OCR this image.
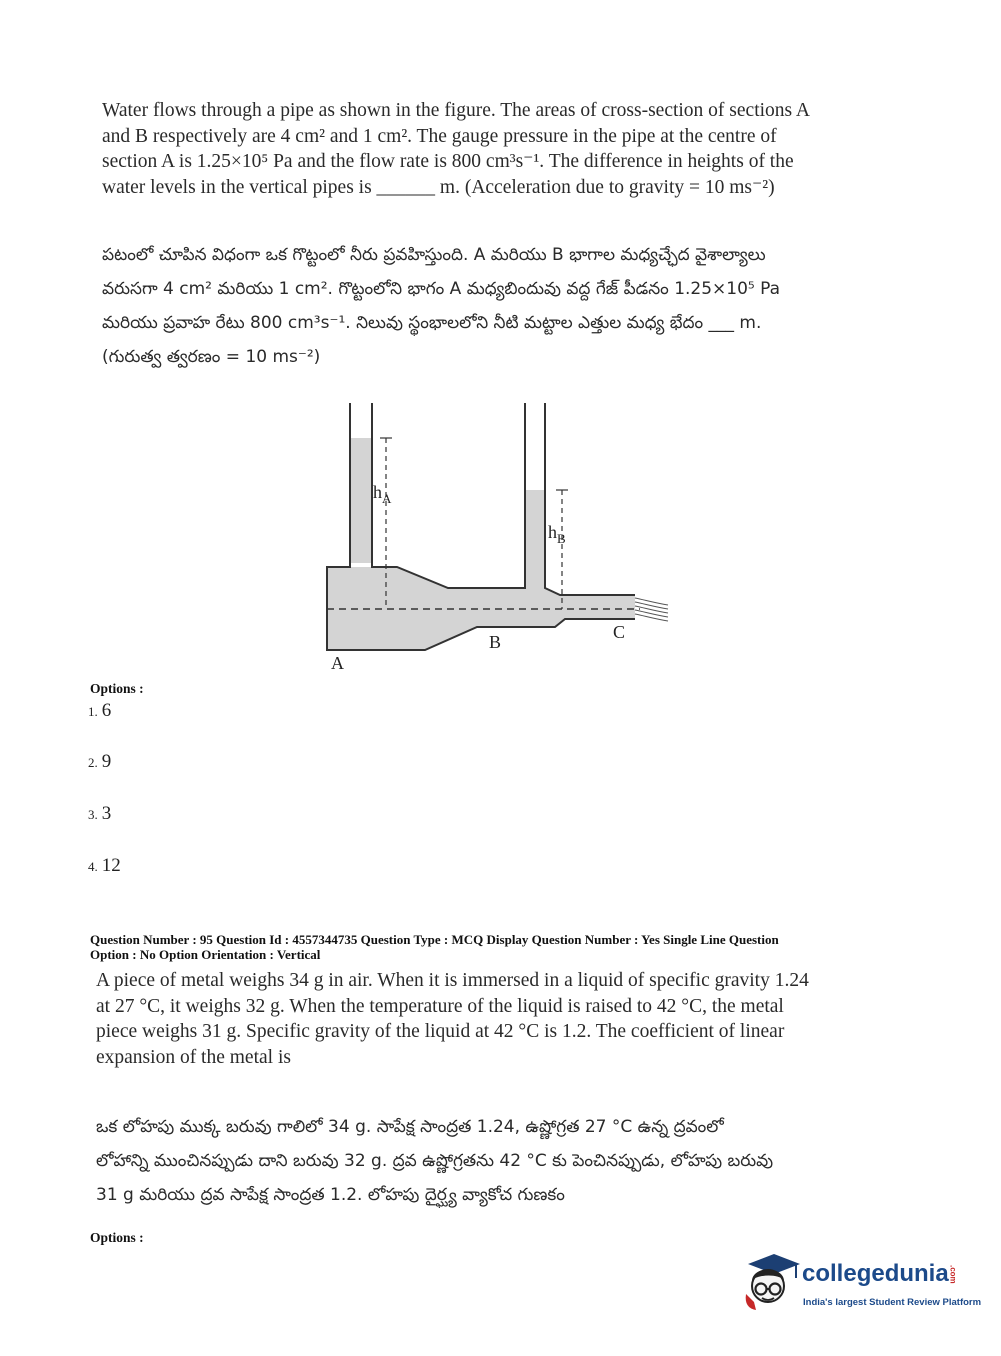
Water flows through a pipe as shown in the figure. The areas of cross-section of sections A
and B respectively are 4 cm² and 1 cm². The gauge pressure in the pipe at the centre of
section A is 1.25×10⁵ Pa and the flow rate is 800 cm³s⁻¹. The difference in heights of the
water levels in the vertical pipes is ______ m. (Acceleration due to gravity = 10 ms⁻²)
పటంలో చూపిన విధంగా ఒక గొట్టంలో నీరు ప్రవహిస్తుంది. A మరియు B భాగాల మధ్యచ్ఛేద వైశాల్యాలు
వరుసగా 4 cm² మరియు 1 cm². గొట్టంలోని భాగం A మధ్యబిందువు వద్ద గేజ్ పీడనం 1.25×10⁵ Pa
మరియు ప్రవాహ రేటు 800 cm³s⁻¹. నిలువు స్థంభాలలోని నీటి మట్టాల ఎత్తుల మధ్య భేదం ___ m.
(గురుత్వ త్వరణం = 10 ms⁻²)
$h_A$
$h_B$
A
B	C
Options :
1. 6
2. 9
3. 3
4. 12
Question Number : 95 Question Id : 4557344735 Question Type : MCQ Display Question Number : Yes Single Line Question
Option : No Option Orientation : Vertical
A piece of metal weighs 34 g in air. When it is immersed in a liquid of specific gravity 1.24
at 27 °C, it weighs 32 g. When the temperature of the liquid is raised to 42 °C, the metal
piece weighs 31 g. Specific gravity of the liquid at 42 °C is 1.2. The coefficient of linear
expansion of the metal is
ఒక లోహపు ముక్క బరువు గాలిలో 34 g. సాపేక్ష సాంద్రత 1.24, ఉష్ణోగ్రత 27 °C ఉన్న ద్రవంలో
లోహాన్ని ముంచినప్పుడు దాని బరువు 32 g. ద్రవ ఉష్ణోగ్రతను 42 °C కు పెంచినప్పుడు, లోహపు బరువు
31 g మరియు ద్రవ సాపేక్ష సాంద్రత 1.2. లోహపు దైర్ఘ్య వ్యాకోచ గుణకం
Options :
collegedunia.com
India's largest Student Review Platform
